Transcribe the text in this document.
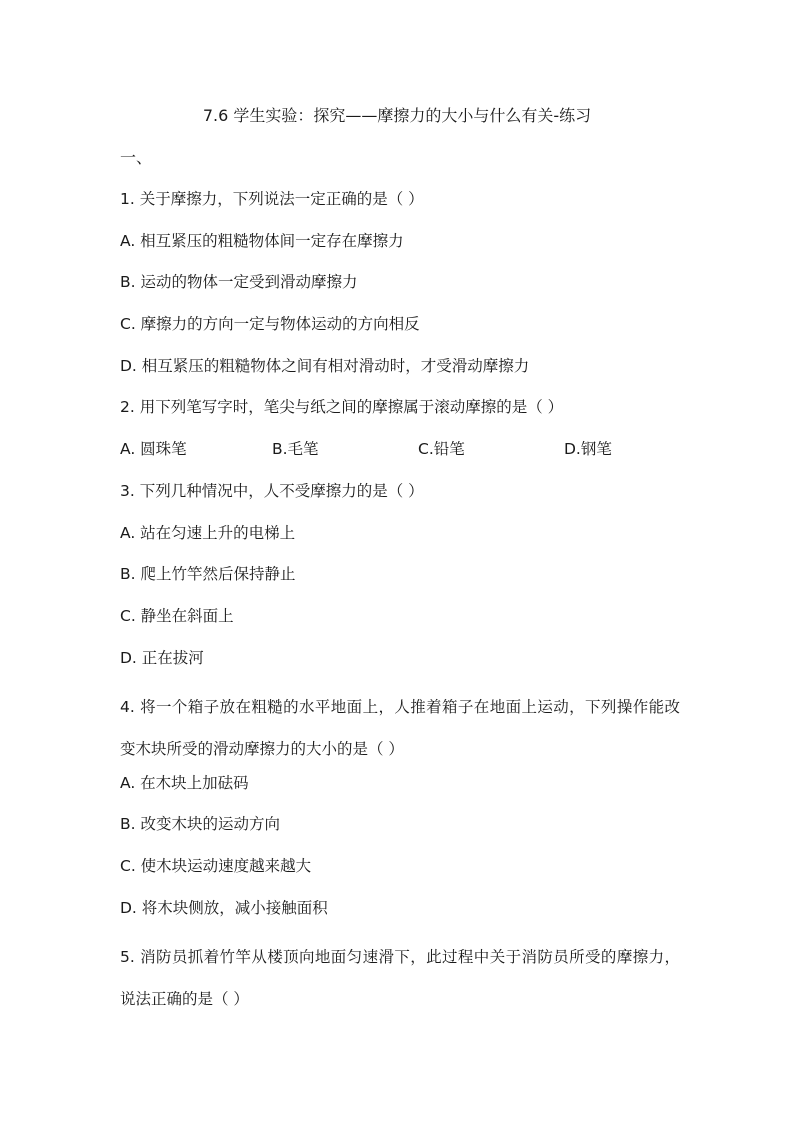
7.6 学生实验：探究——摩擦力的大小与什么有关-练习
一、
1. 关于摩擦力，下列说法一定正确的是（ ）
A. 相互紧压的粗糙物体间一定存在摩擦力
B. 运动的物体一定受到滑动摩擦力
C. 摩擦力的方向一定与物体运动的方向相反
D. 相互紧压的粗糙物体之间有相对滑动时，才受滑动摩擦力
2. 用下列笔写字时，笔尖与纸之间的摩擦属于滚动摩擦的是（ ）
A. 圆珠笔	B.毛笔	C.铅笔	D.钢笔
3. 下列几种情况中，人不受摩擦力的是（ ）
A. 站在匀速上升的电梯上
B. 爬上竹竿然后保持静止
C. 静坐在斜面上
D. 正在拔河
4. 将一个箱子放在粗糙的水平地面上，人推着箱子在地面上运动，下列操作能改变木块所受的滑动摩擦力的大小的是（ ）
A. 在木块上加砝码
B. 改变木块的运动方向
C. 使木块运动速度越来越大
D. 将木块侧放，减小接触面积
5. 消防员抓着竹竿从楼顶向地面匀速滑下，此过程中关于消防员所受的摩擦力，说法正确的是（ ）
